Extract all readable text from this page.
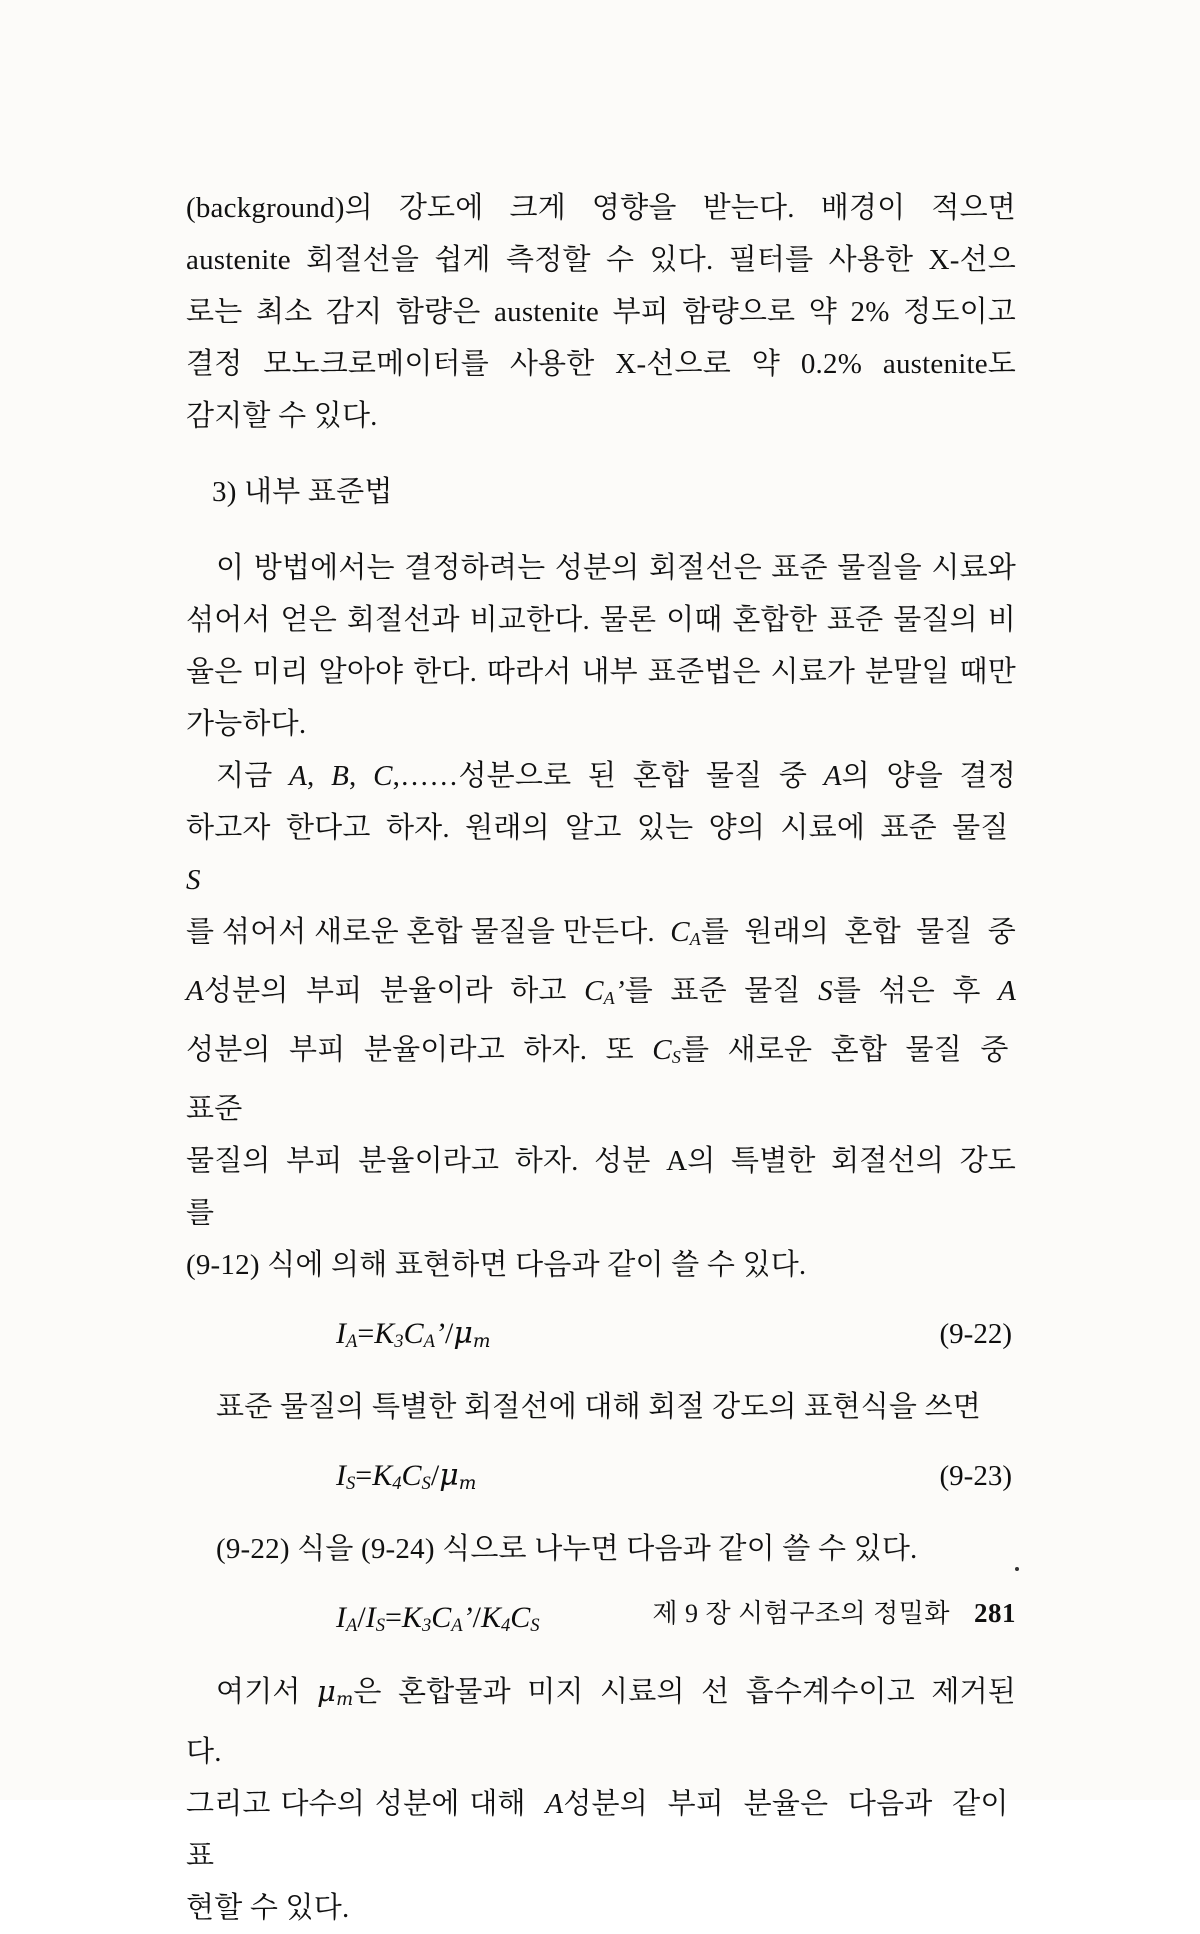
(background)의 강도에 크게 영향을 받는다. 배경이 적으면

austenite 회절선을 쉽게 측정할 수 있다. 필터를 사용한 X-선으

로는 최소 감지 함량은 austenite 부피 함량으로 약 2% 정도이고

결정 모노크로메이터를 사용한 X-선으로 약 0.2% austenite도

감지할 수 있다.

3) 내부 표준법

이 방법에서는 결정하려는 성분의 회절선은 표준 물질을 시료와

섞어서 얻은 회절선과 비교한다. 물론 이때 혼합한 표준 물질의 비

율은 미리 알아야 한다. 따라서 내부 표준법은 시료가 분말일 때만

가능하다.

지금  A,  B,  C,……성분으로  된  혼합  물질  중  A의  양을  결정

하고자  한다고  하자.  원래의  알고  있는  양의  시료에  표준  물질  S

를 섞어서 새로운 혼합 물질을 만든다. $C_A$를  원래의  혼합  물질  중

A성분의  부피  분율이라  하고  $C_A$’를  표준  물질  S를  섞은  후  A

성분의  부피  분율이라고  하자.  또  $C_S$를  새로운  혼합  물질  중  표준

물질의  부피  분율이라고  하자.  성분  A의  특별한  회절선의  강도를

(9-12) 식에 의해 표현하면 다음과 같이 쓸 수 있다.

$I_A=K_3C_A’/\mu_m$	(9-22)

표준 물질의 특별한 회절선에 대해 회절 강도의 표현식을 쓰면

$I_S=K_4C_S/\mu_m$	(9-23)

(9-22) 식을 (9-24) 식으로 나누면 다음과 같이 쓸 수 있다.

$I_A/I_S=K_3C_A’/K_4C_S$

여기서  $\mu_m$은  혼합물과  미지  시료의  선  흡수계수이고  제거된다.

그리고 다수의 성분에 대해 A성분의  부피  분율은  다음과  같이  표

현할 수 있다.

제 9 장 시험구조의 정밀화 281
